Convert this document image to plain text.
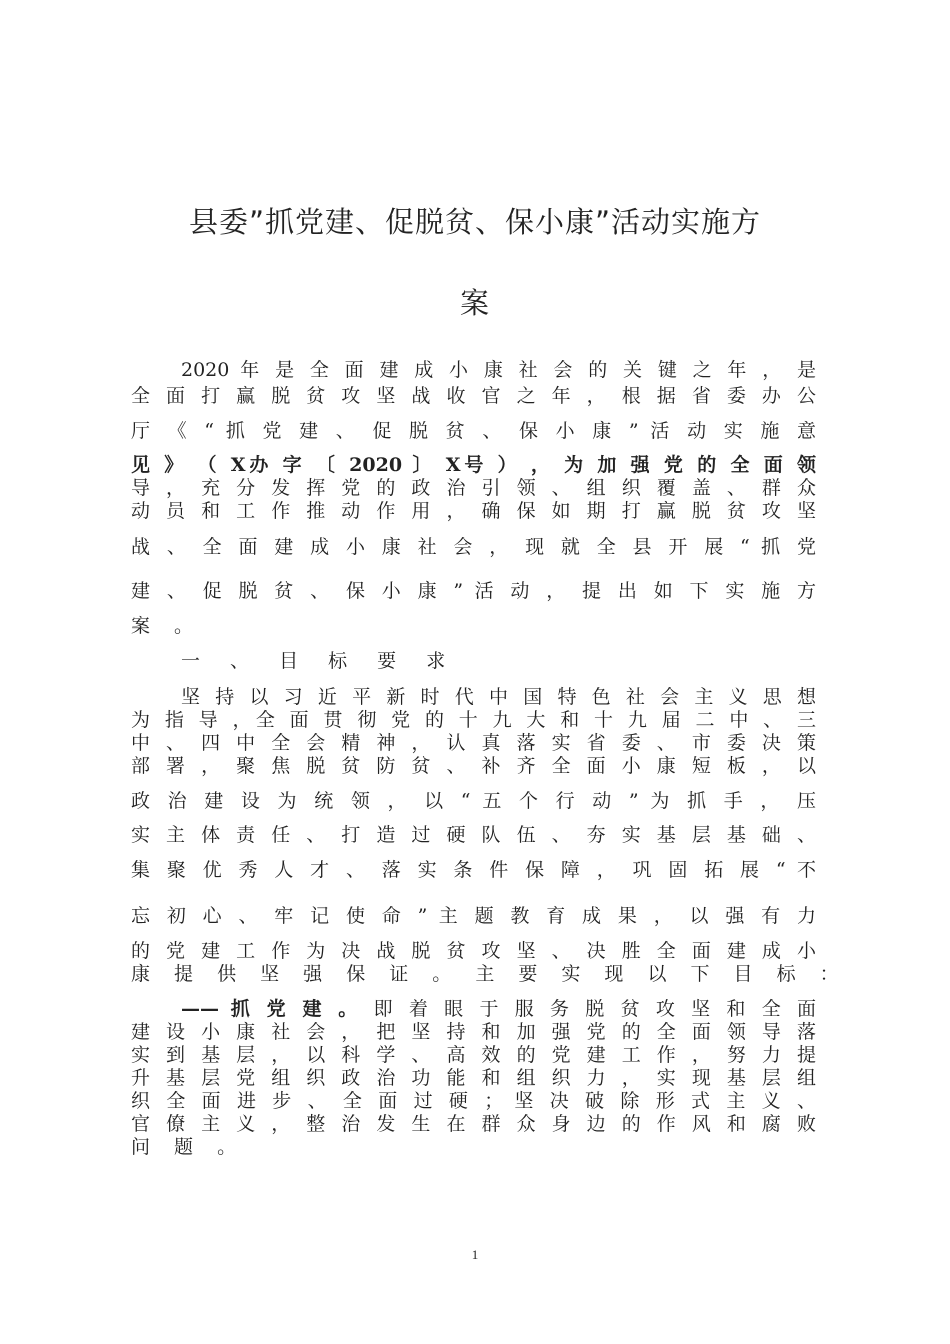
县委”抓党建、促脱贫、保小康”活动实施方
案
2020 年 是 全 面 建 成 小 康 社 会 的 关 键 之 年 ， 是
全 面 打 赢 脱 贫 攻 坚 战 收 官 之 年 ， 根 据 省 委 办 公
厅 《 “ 抓 党 建 、 促 脱 贫 、 保 小 康 ” 活 动 实 施 意
见 》 （ X办 字 〔 2020 〕 X号 ） ， 为 加 强 党 的 全 面 领
导 ， 充 分 发 挥 党 的 政 治 引 领 、 组 织 覆 盖 、 群 众
动 员 和 工 作 推 动 作 用 ， 确 保 如 期 打 赢 脱 贫 攻 坚
战 、 全 面 建 成 小 康 社 会 ， 现 就 全 县 开 展 “ 抓 党
建 、 促 脱 贫 、 保 小 康 ” 活 动 ， 提 出 如 下 实 施 方
案 。
一 、 目 标 要 求
坚 持 以 习 近 平 新 时 代 中 国 特 色 社 会 主 义 思 想
为 指 导 ，全 面 贯 彻 党 的 十 九 大 和 十 九 届 二 中 、 三
中 、 四 中 全 会 精 神 ， 认 真 落 实 省 委 、 市 委 决 策
部 署 ， 聚 焦 脱 贫 防 贫 、 补 齐 全 面 小 康 短 板 ， 以
政 治 建 设 为 统 领 ， 以 “ 五 个 行 动 ” 为 抓 手 ， 压
实 主 体 责 任 、 打 造 过 硬 队 伍 、 夯 实 基 层 基 础 、
集 聚 优 秀 人 才 、 落 实 条 件 保 障 ， 巩 固 拓 展 “ 不
忘 初 心 、 牢 记 使 命 ” 主 题 教 育 成 果 ， 以 强 有 力
的 党 建 工 作 为 决 战 脱 贫 攻 坚 、 决 胜 全 面 建 成 小
康 提 供 坚 强 保 证 。 主 要 实 现 以 下 目 标 ：
—— 抓 党 建 。 即 着 眼 于 服 务 脱 贫 攻 坚 和 全 面
建 设 小 康 社 会 ， 把 坚 持 和 加 强 党 的 全 面 领 导 落
实 到 基 层 ， 以 科 学 、 高 效 的 党 建 工 作 ， 努 力 提
升 基 层 党 组 织 政 治 功 能 和 组 织 力 ， 实 现 基 层 组
织 全 面 进 步 、 全 面 过 硬 ； 坚 决 破 除 形 式 主 义 、
官 僚 主 义 ， 整 治 发 生 在 群 众 身 边 的 作 风 和 腐 败
问 题 。
1
